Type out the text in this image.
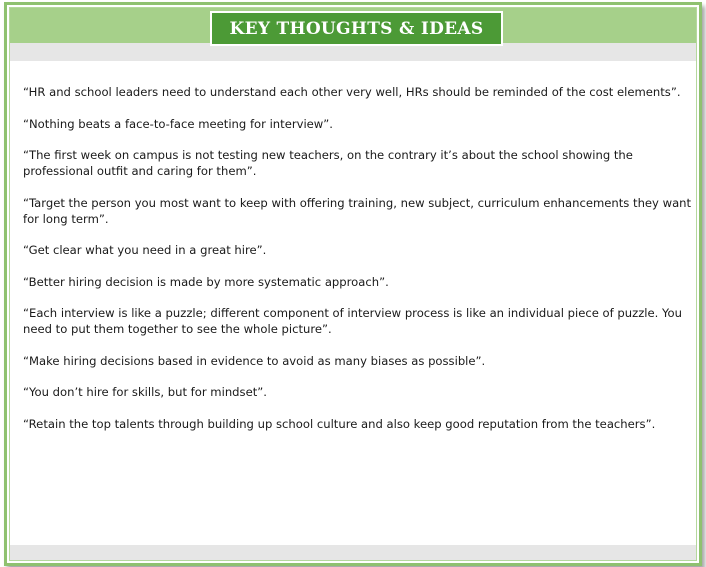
KEY THOUGHTS & IDEAS
“HR and school leaders need to understand each other very well, HRs should be reminded of the cost elements”.
“Nothing beats a face-to-face meeting for interview”.
“The first week on campus is not testing new teachers, on the contrary it’s about the school showing the professional outfit and caring for them”.
“Target the person you most want to keep with offering training, new subject, curriculum enhancements they want for long term”.
“Get clear what you need in a great hire”.
“Better hiring decision is made by more systematic approach”.
“Each interview is like a puzzle; different component of interview process is like an individual piece of puzzle. You need to put them together to see the whole picture”.
“Make hiring decisions based in evidence to avoid as many biases as possible”.
“You don’t hire for skills, but for mindset”.
“Retain the top talents through building up school culture and also keep good reputation from the teachers”.
